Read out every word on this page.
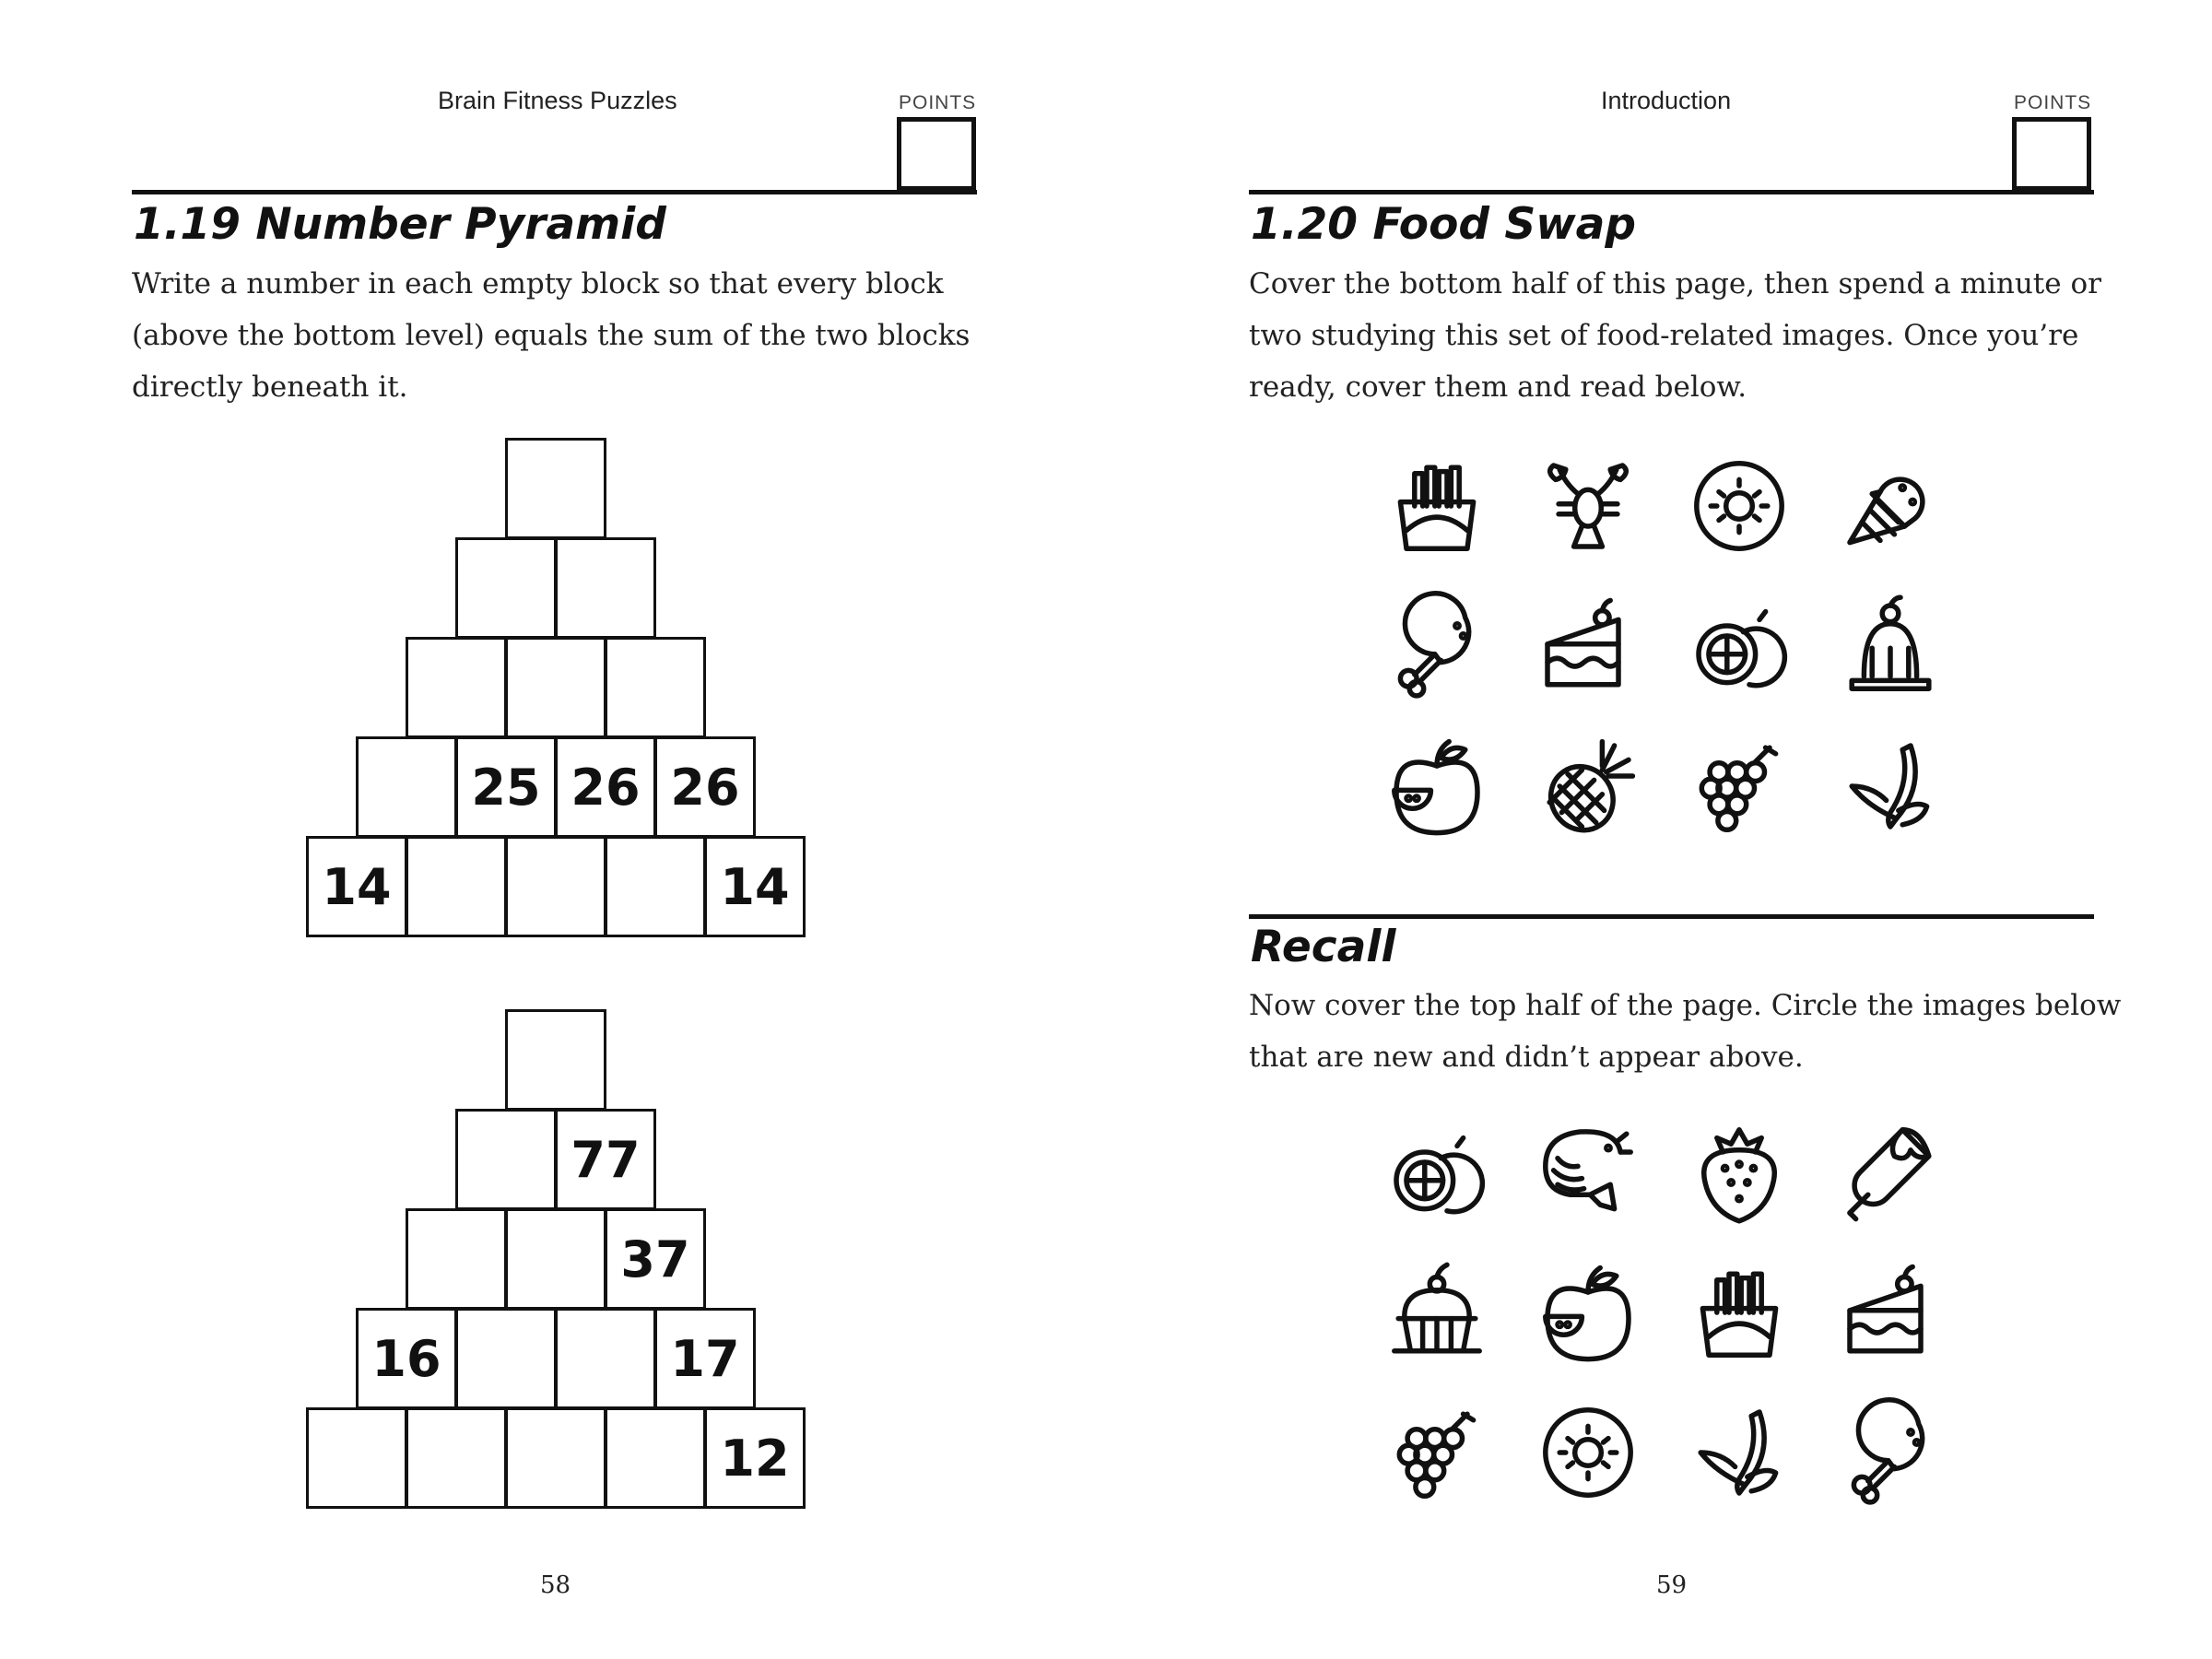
Brain Fitness Puzzles	POINTS
1.19 Number Pyramid
Write a number in each empty block so that every block
(above the bottom level) equals the sum of the two blocks
directly beneath it.
25 26 26
14	14
77
37
16	17
12
58
Introduction	POINTS
1.20 Food Swap
Cover the bottom half of this page, then spend a minute or
two studying this set of food-related images. Once you’re
ready, cover them and read below.
Recall
Now cover the top half of the page. Circle the images below
that are new and didn’t appear above.
59
